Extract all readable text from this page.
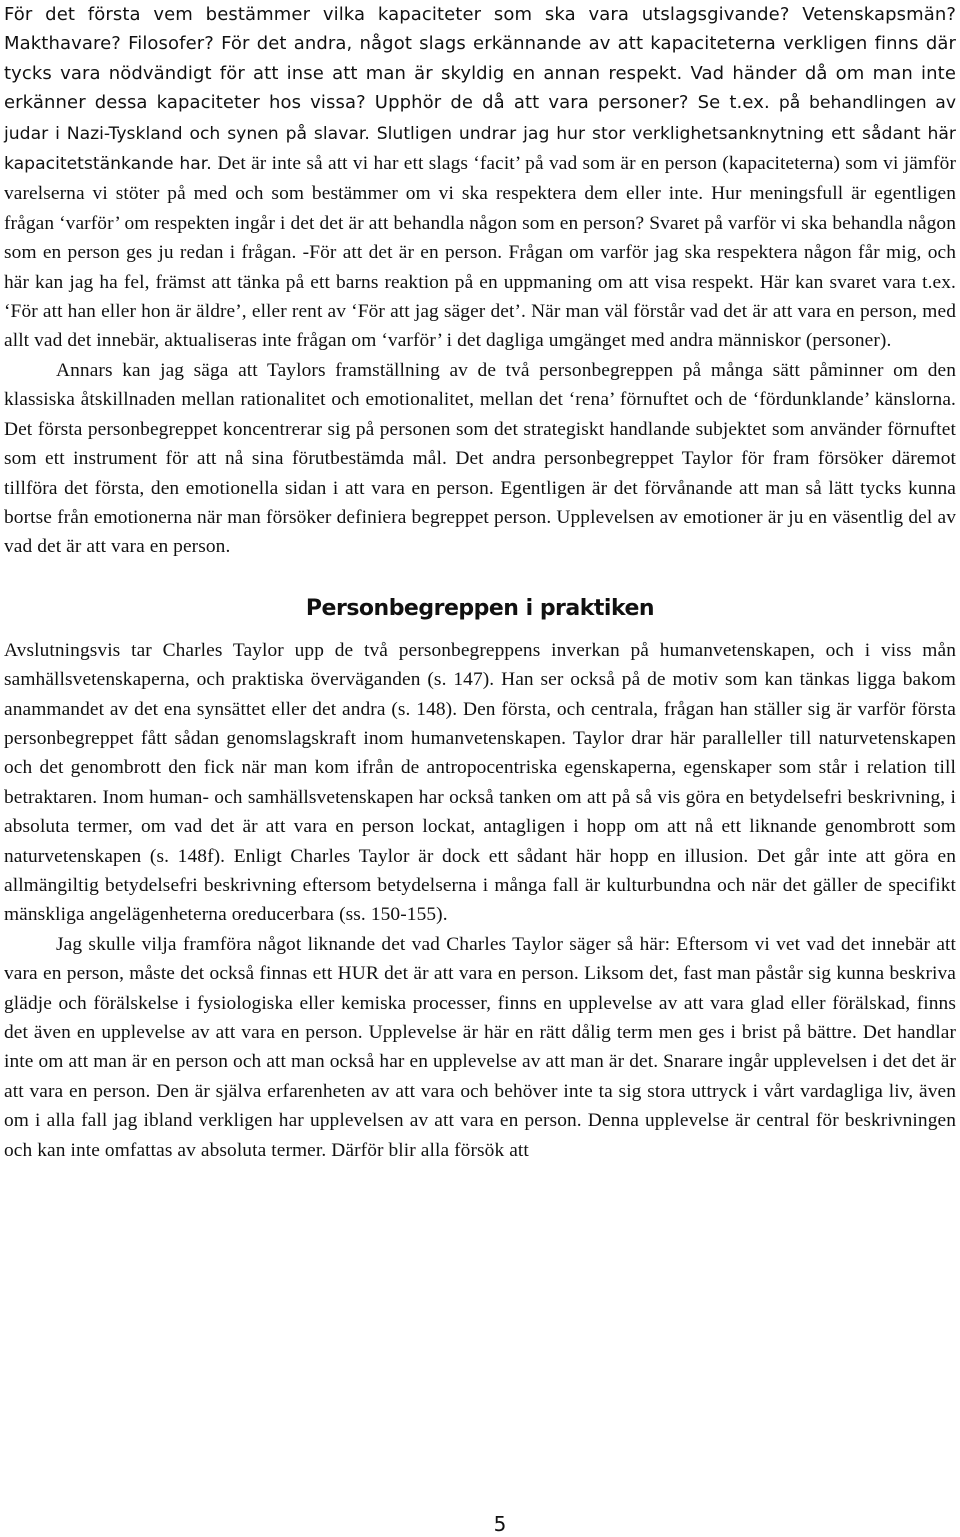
För det första vem bestämmer vilka kapaciteter som ska vara utslagsgivande? Vetenskapsmän? Makthavare? Filosofer? För det andra, något slags erkännande av att kapaciteterna verkligen finns där tycks vara nödvändigt för att inse att man är skyldig en annan respekt. Vad händer då om man inte erkänner dessa kapaciteter hos vissa? Upphör de då att vara personer? Se t.ex. på behandlingen av judar i Nazi-Tyskland och synen på slavar. Slutligen undrar jag hur stor verklighetsanknytning ett sådant här kapacitetstänkande har. Det är inte så att vi har ett slags ‘facit’ på vad som är en person (kapaciteterna) som vi jämför varelserna vi stöter på med och som bestämmer om vi ska respektera dem eller inte. Hur meningsfull är egentligen frågan ‘varför’ om respekten ingår i det det är att behandla någon som en person? Svaret på varför vi ska behandla någon som en person ges ju redan i frågan. -För att det är en person. Frågan om varför jag ska respektera någon får mig, och här kan jag ha fel, främst att tänka på ett barns reaktion på en uppmaning om att visa respekt. Här kan svaret vara t.ex. ‘För att han eller hon är äldre’, eller rent av ‘För att jag säger det’. När man väl förstår vad det är att vara en person, med allt vad det innebär, aktualiseras inte frågan om ‘varför’ i det dagliga umgänget med andra människor (personer).

Annars kan jag säga att Taylors framställning av de två personbegreppen på många sätt påminner om den klassiska åtskillnaden mellan rationalitet och emotionalitet, mellan det ‘rena’ förnuftet och de ‘fördunklande’ känslorna. Det första personbegreppet koncentrerar sig på personen som det strategiskt handlande subjektet som använder förnuftet som ett instrument för att nå sina förutbestämda mål. Det andra personbegreppet Taylor för fram försöker däremot tillföra det första, den emotionella sidan i att vara en person. Egentligen är det förvånande att man så lätt tycks kunna bortse från emotionerna när man försöker definiera begreppet person. Upplevelsen av emotioner är ju en väsentlig del av vad det är att vara en person.

Personbegreppen i praktiken

Avslutningsvis tar Charles Taylor upp de två personbegreppens inverkan på humanvetenskapen, och i viss mån samhällsvetenskaperna, och praktiska överväganden (s. 147). Han ser också på de motiv som kan tänkas ligga bakom anammandet av det ena synsättet eller det andra (s. 148). Den första, och centrala, frågan han ställer sig är varför första personbegreppet fått sådan genomslagskraft inom humanvetenskapen. Taylor drar här paralleller till naturvetenskapen och det genombrott den fick när man kom ifrån de antropocentriska egenskaperna, egenskaper som står i relation till betraktaren. Inom human- och samhällsvetenskapen har också tanken om att på så vis göra en betydelsefri beskrivning, i absoluta termer, om vad det är att vara en person lockat, antagligen i hopp om att nå ett liknande genombrott som naturvetenskapen (s. 148f). Enligt Charles Taylor är dock ett sådant här hopp en illusion. Det går inte att göra en allmängiltig betydelsefri beskrivning eftersom betydelserna i många fall är kulturbundna och när det gäller de specifikt mänskliga angelägenheterna oreducerbara (ss. 150-155).

Jag skulle vilja framföra något liknande det vad Charles Taylor säger så här: Eftersom vi vet vad det innebär att vara en person, måste det också finnas ett HUR det är att vara en person. Liksom det, fast man påstår sig kunna beskriva glädje och förälskelse i fysiologiska eller kemiska processer, finns en upplevelse av att vara glad eller förälskad, finns det även en upplevelse av att vara en person. Upplevelse är här en rätt dålig term men ges i brist på bättre. Det handlar inte om att man är en person och att man också har en upplevelse av att man är det. Snarare ingår upplevelsen i det det är att vara en person. Den är själva erfarenheten av att vara och behöver inte ta sig stora uttryck i vårt vardagliga liv, även om i alla fall jag ibland verkligen har upplevelsen av att vara en person. Denna upplevelse är central för beskrivningen och kan inte omfattas av absoluta termer. Därför blir alla försök att

5
